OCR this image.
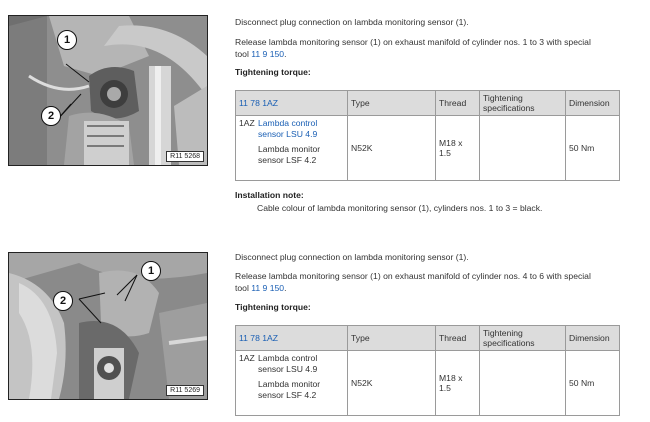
1
2
R11 5268
Disconnect plug connection on lambda monitoring sensor (1).
Release lambda monitoring sensor (1) on exhaust manifold of cylinder nos. 1 to 3 with special
tool 11 9 150.
Tightening torque:
11 78 1AZ	Type	Thread	Tightening specifications	Dimension

1AZ Lambda control sensor LSU 4.9
Lambda monitor sensor LSF 4.2	N52K	M18 x 1.5		50 Nm
Installation note:
Cable colour of lambda monitoring sensor (1), cylinders nos. 1 to 3 = black.
1
2
R11 5269
Disconnect plug connection on lambda monitoring sensor (1).
Release lambda monitoring sensor (1) on exhaust manifold of cylinder nos. 4 to 6 with special
tool 11 9 150.
Tightening torque:
11 78 1AZ	Type	Thread	Tightening specifications	Dimension

1AZ Lambda control sensor LSU 4.9
Lambda monitor sensor LSF 4.2	N52K	M18 x 1.5		50 Nm
